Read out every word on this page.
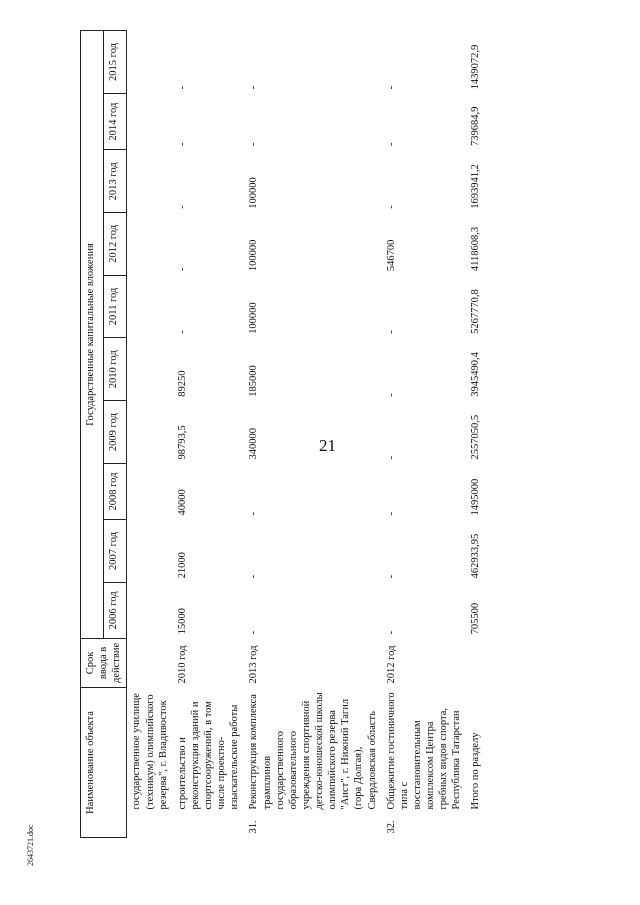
21
2643721.doc
Наименование объекта		Срок ввода в действие	Государственные капитальные вложения									
			2006 год	2007 год	2008 год	2009 год	2010 год	2011 год	2012 год	2013 год	2014 год	2015 год
	государственное училище (техникум) олимпийского резерва", г. Владивосток											
	строительство и реконструкция зданий и спортсооружений, в том числе проектно-изыскательские работы	2010 год	15000	21000	40000	98793,5	89250	-	-	-	-	-
31.	Реконструкция комплекса трамплинов государственного образовательного учреждения спортивной детско-юношеской школы олимпийского резерва "Аист", г. Нижний Тагил (гора Долгая), Свердловская область	2013 год	-	-	-	340000	185000	100000	100000	100000	-	-
32.	Общежитие гостиничного типа с восстановительным комплексом Центра гребных видов спорта, Республика Татарстан	2012 год	-	-	-	-	-	-	546700	-	-	-
	Итого по разделу		705500	462933,95	1495000	2557050,5	3945490,4	5267770,8	4118608,3	1693941,2	739684,9	1439072,9
